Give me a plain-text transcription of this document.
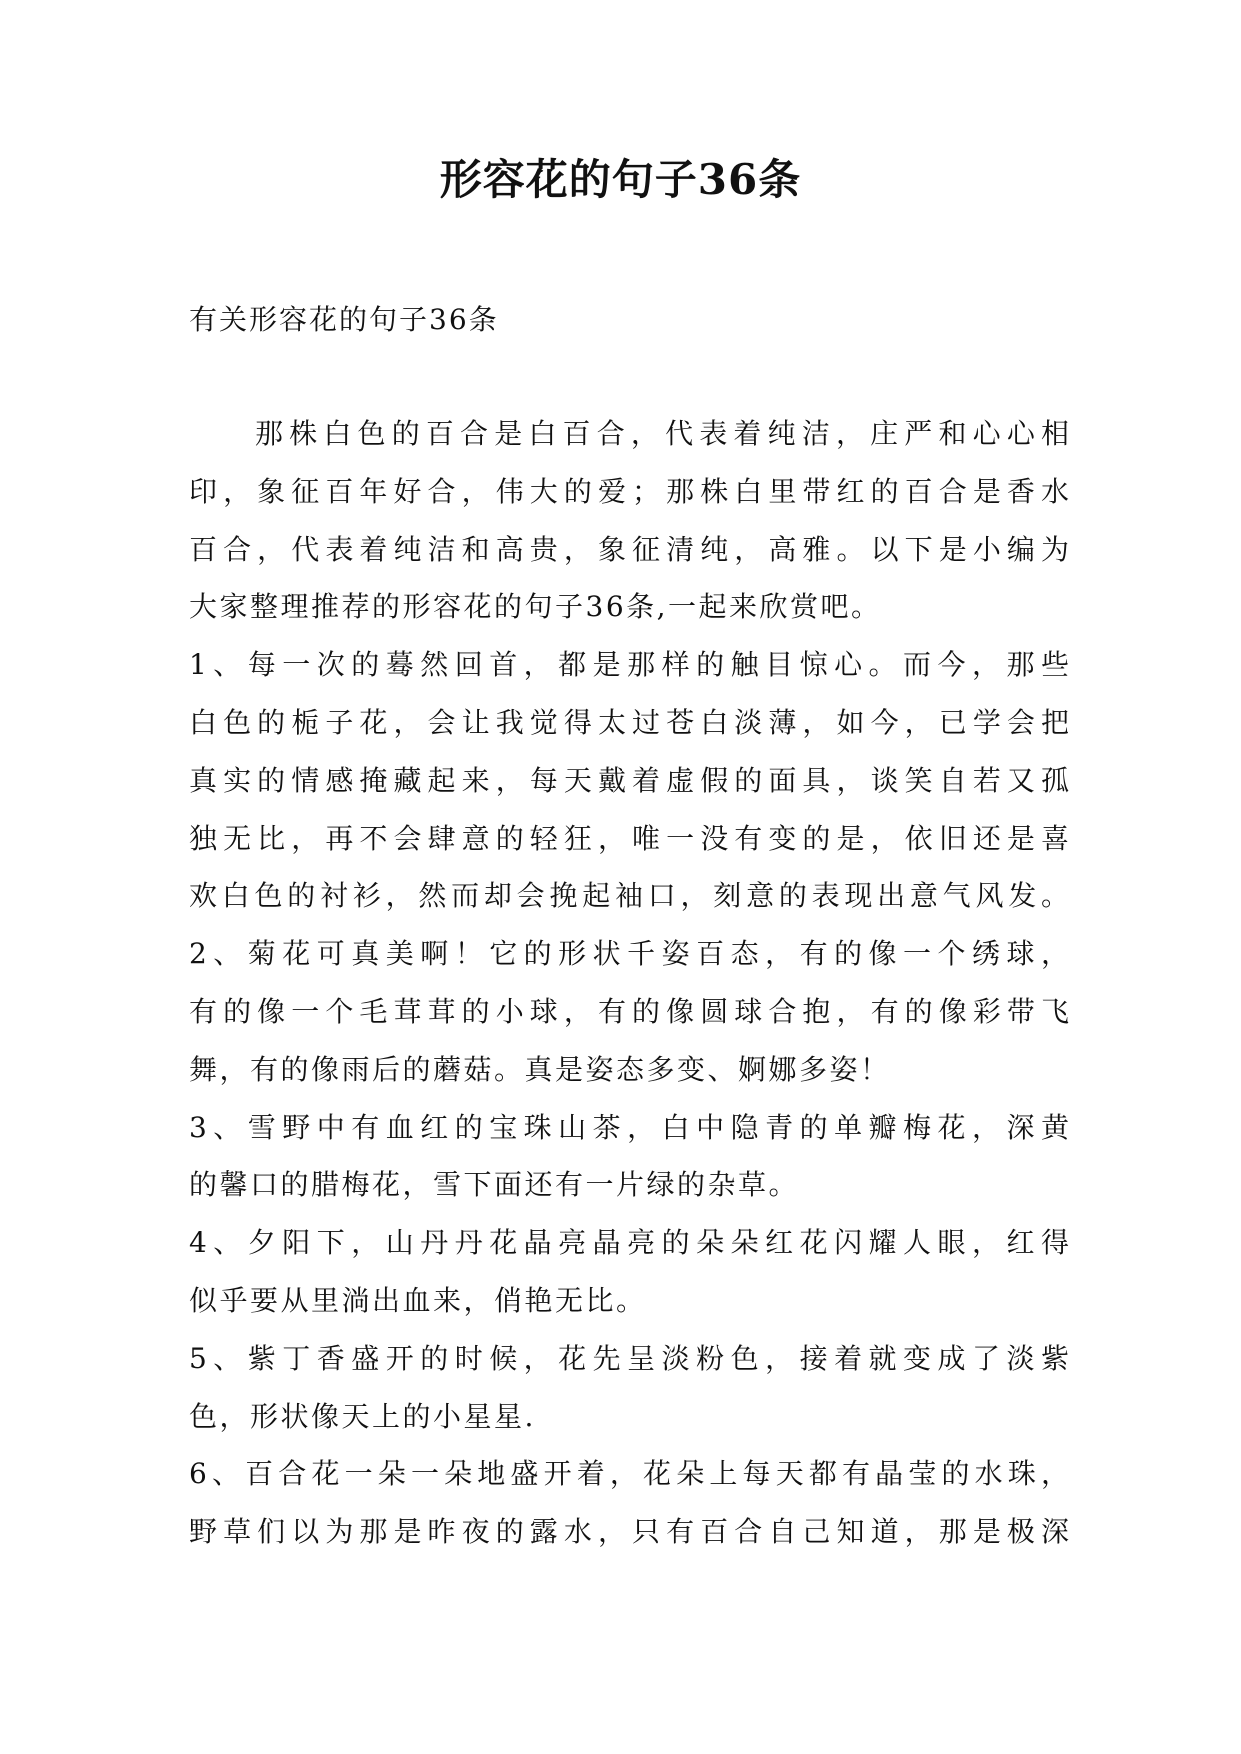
形容花的句子36条

有关形容花的句子36条

那株白色的百合是白百合，代表着纯洁，庄严和心心相
印，象征百年好合，伟大的爱；那株白里带红的百合是香水
百合，代表着纯洁和高贵，象征清纯，高雅。以下是小编为
大家整理推荐的形容花的句子36条,一起来欣赏吧。
1、每一次的蓦然回首，都是那样的触目惊心。而今，那些
白色的栀子花，会让我觉得太过苍白淡薄，如今，已学会把
真实的情感掩藏起来，每天戴着虚假的面具，谈笑自若又孤
独无比，再不会肆意的轻狂，唯一没有变的是，依旧还是喜
欢白色的衬衫，然而却会挽起袖口，刻意的表现出意气风发。
2、菊花可真美啊！它的形状千姿百态，有的像一个绣球，
有的像一个毛茸茸的小球，有的像圆球合抱，有的像彩带飞
舞，有的像雨后的蘑菇。真是姿态多变、婀娜多姿！
3、雪野中有血红的宝珠山茶，白中隐青的单瓣梅花，深黄
的馨口的腊梅花，雪下面还有一片绿的杂草。
4、夕阳下，山丹丹花晶亮晶亮的朵朵红花闪耀人眼，红得
似乎要从里淌出血来，俏艳无比。
5、紫丁香盛开的时候，花先呈淡粉色，接着就变成了淡紫
色，形状像天上的小星星.
6、百合花一朵一朵地盛开着，花朵上每天都有晶莹的水珠，
野草们以为那是昨夜的露水，只有百合自己知道，那是极深
